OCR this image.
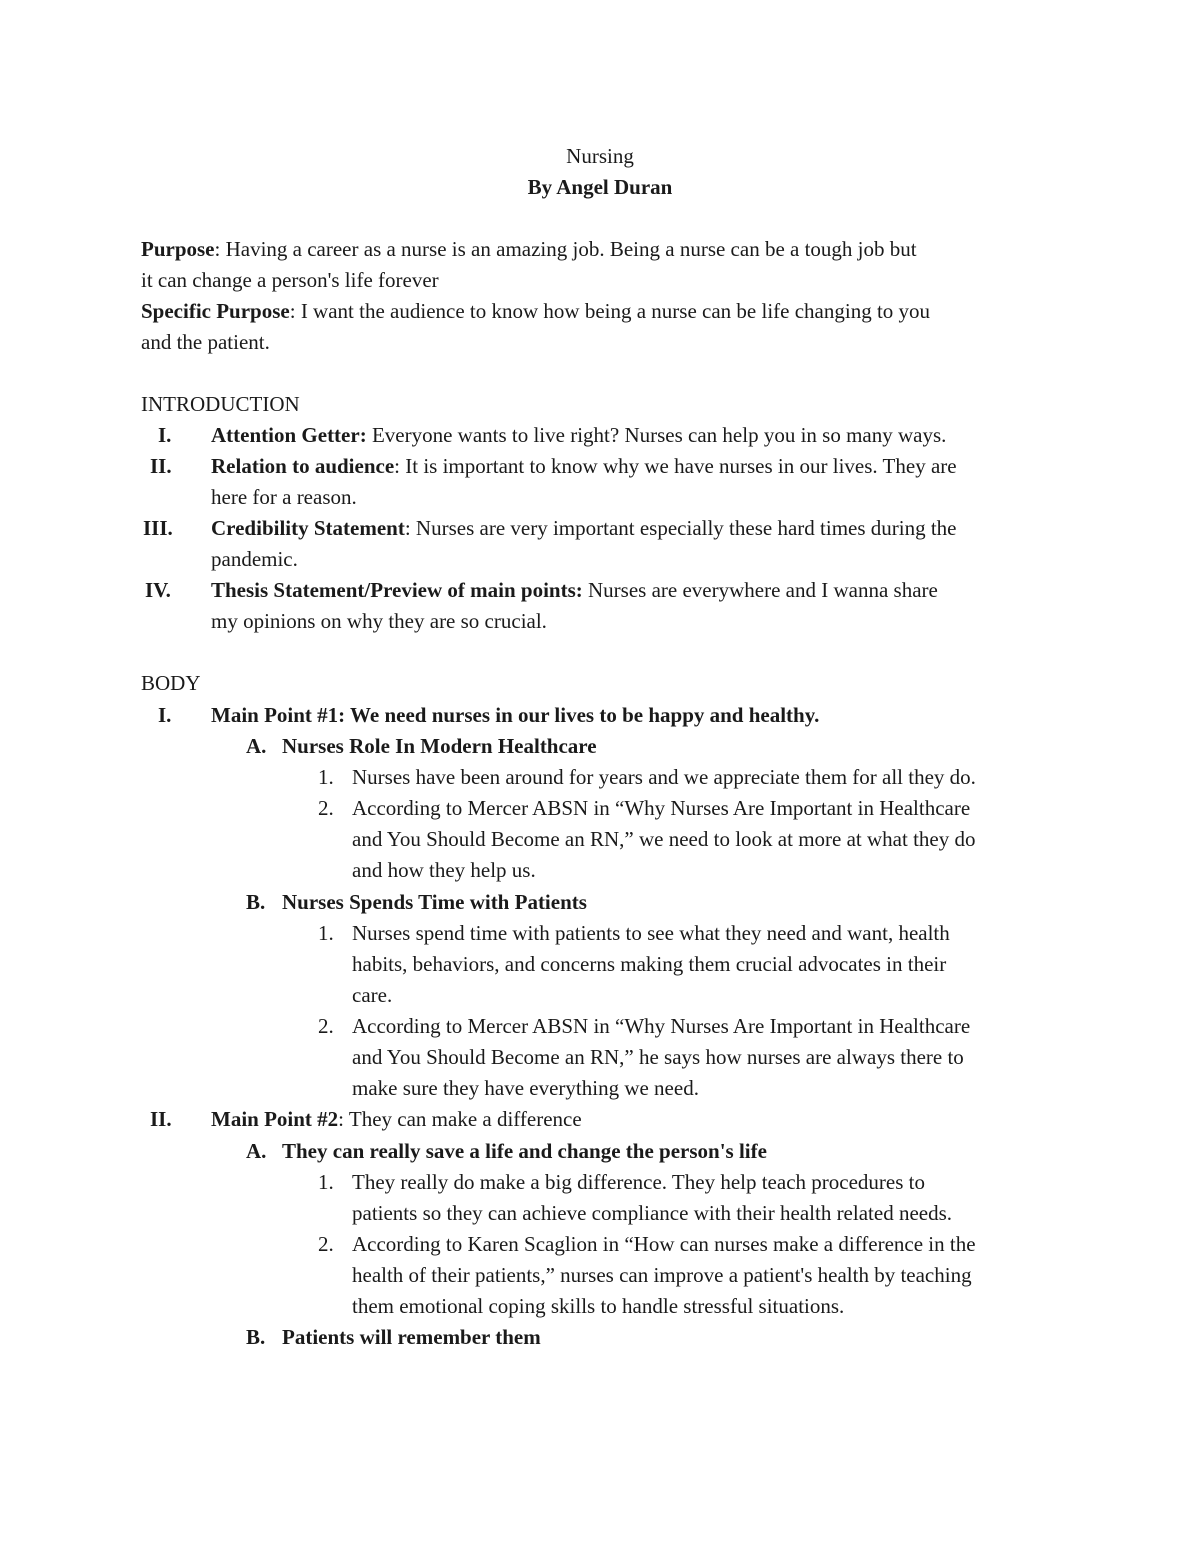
Nursing
By Angel Duran
Purpose: Having a career as a nurse is an amazing job. Being a nurse can be a tough job but
it can change a person's life forever
Specific Purpose: I want the audience to know how being a nurse can be life changing to you
and the patient.
INTRODUCTION
I.	Attention Getter: Everyone wants to live right? Nurses can help you in so many ways.
II.	Relation to audience: It is important to know why we have nurses in our lives. They are
here for a reason.
III.	Credibility Statement: Nurses are very important especially these hard times during the
pandemic.
IV.	Thesis Statement/Preview of main points: Nurses are everywhere and I wanna share
my opinions on why they are so crucial.
BODY
I.	Main Point #1: We need nurses in our lives to be happy and healthy.
A. Nurses Role In Modern Healthcare
1. Nurses have been around for years and we appreciate them for all they do.
2. According to Mercer ABSN in “Why Nurses Are Important in Healthcare
and You Should Become an RN,” we need to look at more at what they do
and how they help us.
B. Nurses Spends Time with Patients
1. Nurses spend time with patients to see what they need and want, health
habits, behaviors, and concerns making them crucial advocates in their
care.
2. According to Mercer ABSN in “Why Nurses Are Important in Healthcare
and You Should Become an RN,” he says how nurses are always there to
make sure they have everything we need.
II.	Main Point #2: They can make a difference
A. They can really save a life and change the person's life
1. They really do make a big difference. They help teach procedures to
patients so they can achieve compliance with their health related needs.
2. According to Karen Scaglion in “How can nurses make a difference in the
health of their patients,” nurses can improve a patient's health by teaching
them emotional coping skills to handle stressful situations.
B. Patients will remember them
